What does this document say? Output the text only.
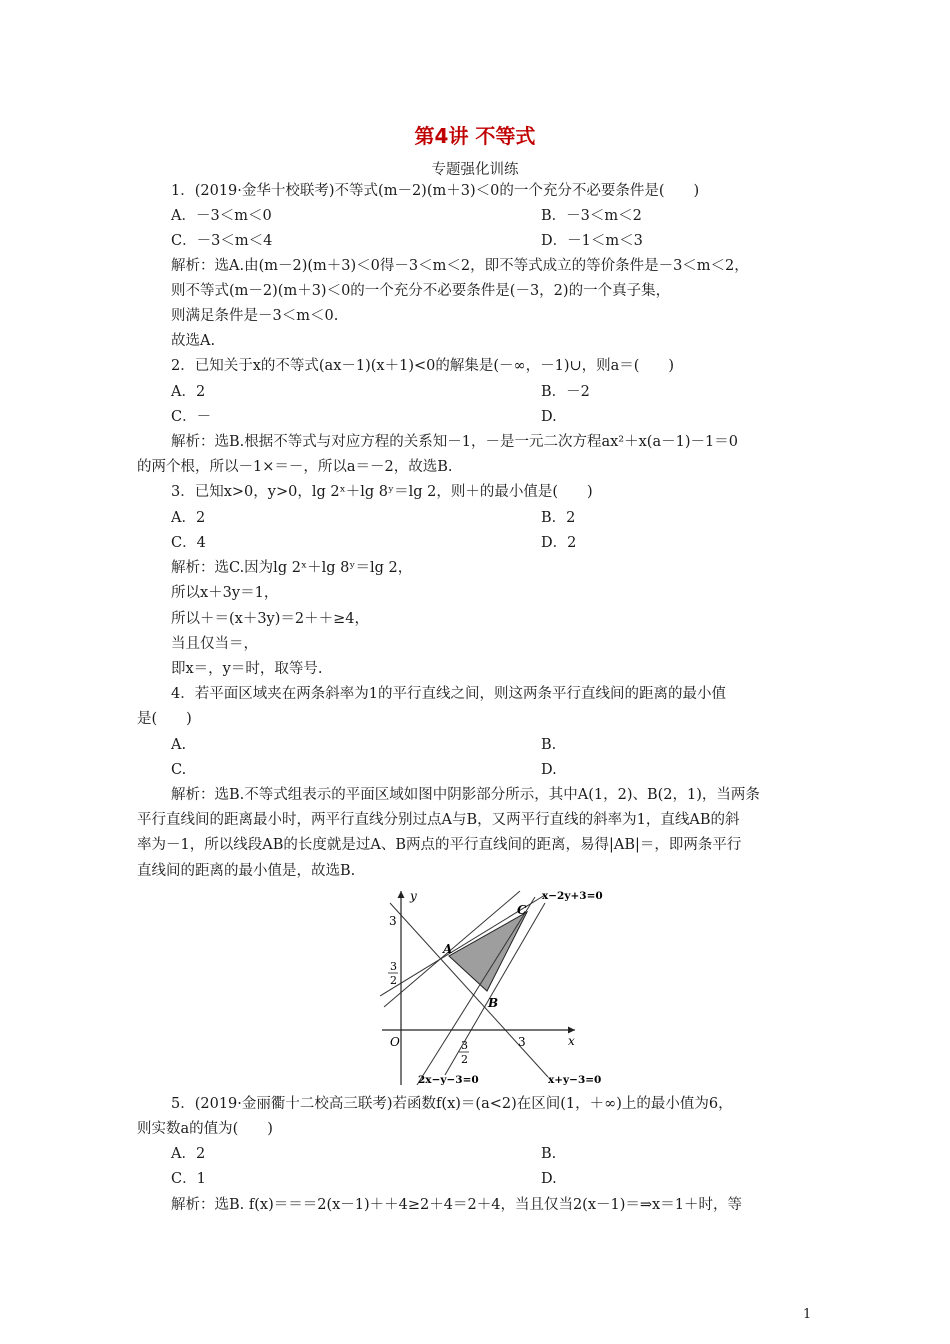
第4讲 不等式
专题强化训练
1．(2019·金华十校联考)不等式(m－2)(m＋3)＜0的一个充分不必要条件是(　　)
A．－3＜m＜0	B．－3＜m＜2
C．－3＜m＜4	D．－1＜m＜3
解析：选A.由(m－2)(m＋3)＜0得－3＜m＜2，即不等式成立的等价条件是－3＜m＜2，
则不等式(m－2)(m＋3)＜0的一个充分不必要条件是(－3，2)的一个真子集，
则满足条件是－3＜m＜0.
故选A.
2．已知关于x的不等式(ax－1)(x＋1)<0的解集是(－∞，－1)∪，则a＝(　　)
A．2	B．－2
C．－	D.
解析：选B.根据不等式与对应方程的关系知－1，－是一元二次方程ax²＋x(a－1)－1＝0
的两个根，所以－1×＝－，所以a＝－2，故选B.
3．已知x>0，y>0，lg 2ˣ＋lg 8ʸ＝lg 2，则＋的最小值是(　　)
A．2	B．2
C．4	D．2
解析：选C.因为lg 2ˣ＋lg 8ʸ＝lg 2，
所以x＋3y＝1，
所以＋＝(x＋3y)＝2＋＋≥4，
当且仅当＝，
即x＝，y＝时，取等号.
4．若平面区域夹在两条斜率为1的平行直线之间，则这两条平行直线间的距离的最小值
是(　　)
A.	B.
C.	D.
解析：选B.不等式组表示的平面区域如图中阴影部分所示，其中A(1，2)、B(2，1)，当两条
平行直线间的距离最小时，两平行直线分别过点A与B，又两平行直线的斜率为1，直线AB的斜
率为－1，所以线段AB的长度就是过A、B两点的平行直线间的距离，易得|AB|＝，即两条平行
直线间的距离的最小值是，故选B.
y
x
O
3
3
3
2
3
2
A
B
C
x−2y+3=0
2x−y−3=0	x+y−3=0
5．(2019·金丽衢十二校高三联考)若函数f(x)＝(a<2)在区间(1，＋∞)上的最小值为6，
则实数a的值为(　　)
A．2	B.
C．1	D.
解析：选B. f(x)＝＝＝2(x－1)＋＋4≥2＋4＝2＋4，当且仅当2(x－1)＝⇒x＝1＋时，等
1
